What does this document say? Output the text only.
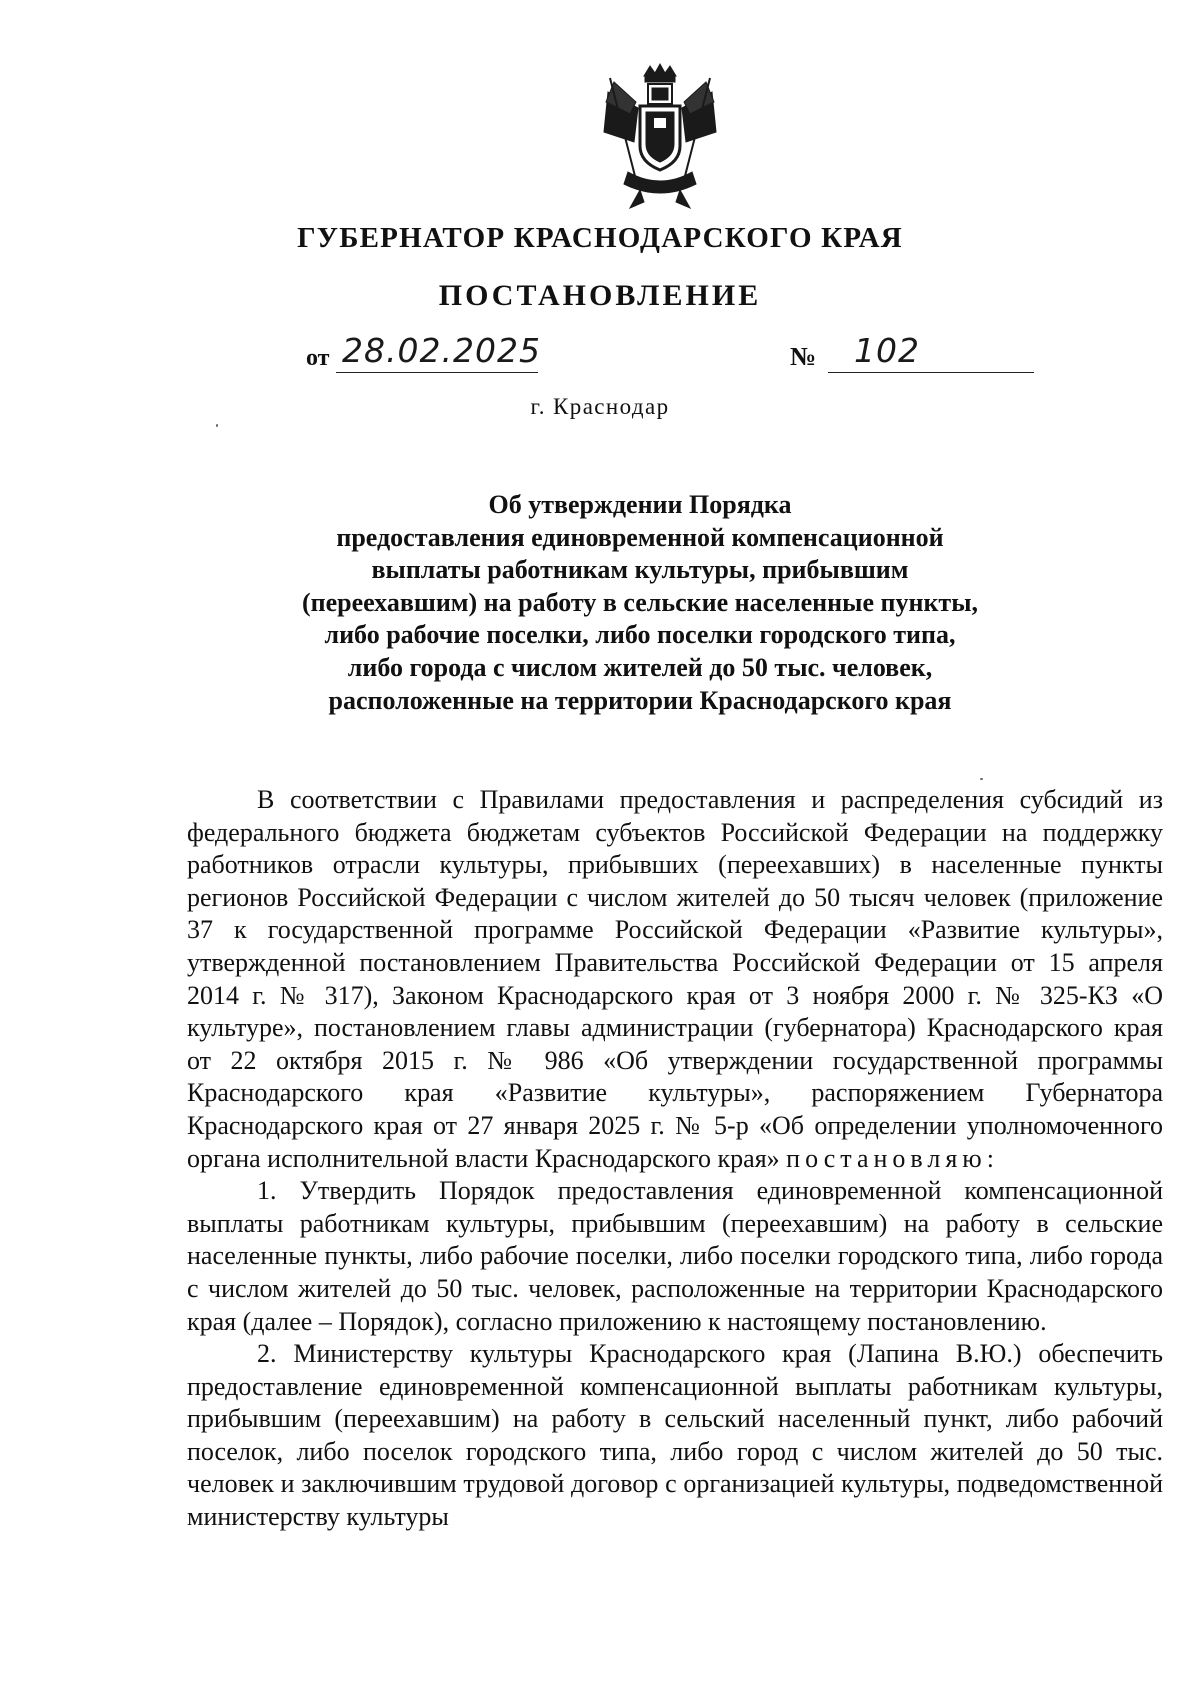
ГУБЕРНАТОР КРАСНОДАРСКОГО КРАЯ
ПОСТАНОВЛЕНИЕ
от 28.02.2025	№ 102
г. Краснодар
Об утверждении Порядка
предоставления единовременной компенсационной
выплаты работникам культуры, прибывшим
(переехавшим) на работу в сельские населенные пункты,
либо рабочие поселки, либо поселки городского типа,
либо города с числом жителей до 50 тыс. человек,
расположенные на территории Краснодарского края

В соответствии с Правилами предоставления и распределения субсидий из федерального бюджета бюджетам субъектов Российской Федерации на поддержку работников отрасли культуры, прибывших (переехавших) в населенные пункты регионов Российской Федерации с числом жителей до 50 тысяч человек (приложение 37 к государственной программе Российской Федерации «Развитие культуры», утвержденной постановлением Правительства Российской Федерации от 15 апреля 2014 г. № 317), Законом Краснодарского края от 3 ноября 2000 г. № 325-КЗ «О культуре», постановлением главы администрации (губернатора) Краснодарского края от 22 октября 2015 г. № 986 «Об утверждении государственной программы Краснодарского края «Развитие культуры», распоряжением Губернатора Краснодарского края от 27 января 2025 г. № 5-р «Об определении уполномоченного органа исполнительной власти Краснодарского края» постановляю:

1. Утвердить Порядок предоставления единовременной компенсационной выплаты работникам культуры, прибывшим (переехавшим) на работу в сельские населенные пункты, либо рабочие поселки, либо поселки городского типа, либо города с числом жителей до 50 тыс. человек, расположенные на территории Краснодарского края (далее – Порядок), согласно приложению к настоящему постановлению.

2. Министерству культуры Краснодарского края (Лапина В.Ю.) обеспечить предоставление единовременной компенсационной выплаты работникам культуры, прибывшим (переехавшим) на работу в сельский населенный пункт, либо рабочий поселок, либо поселок городского типа, либо город с числом жителей до 50 тыс. человек и заключившим трудовой договор с организацией культуры, подведомственной министерству культуры
